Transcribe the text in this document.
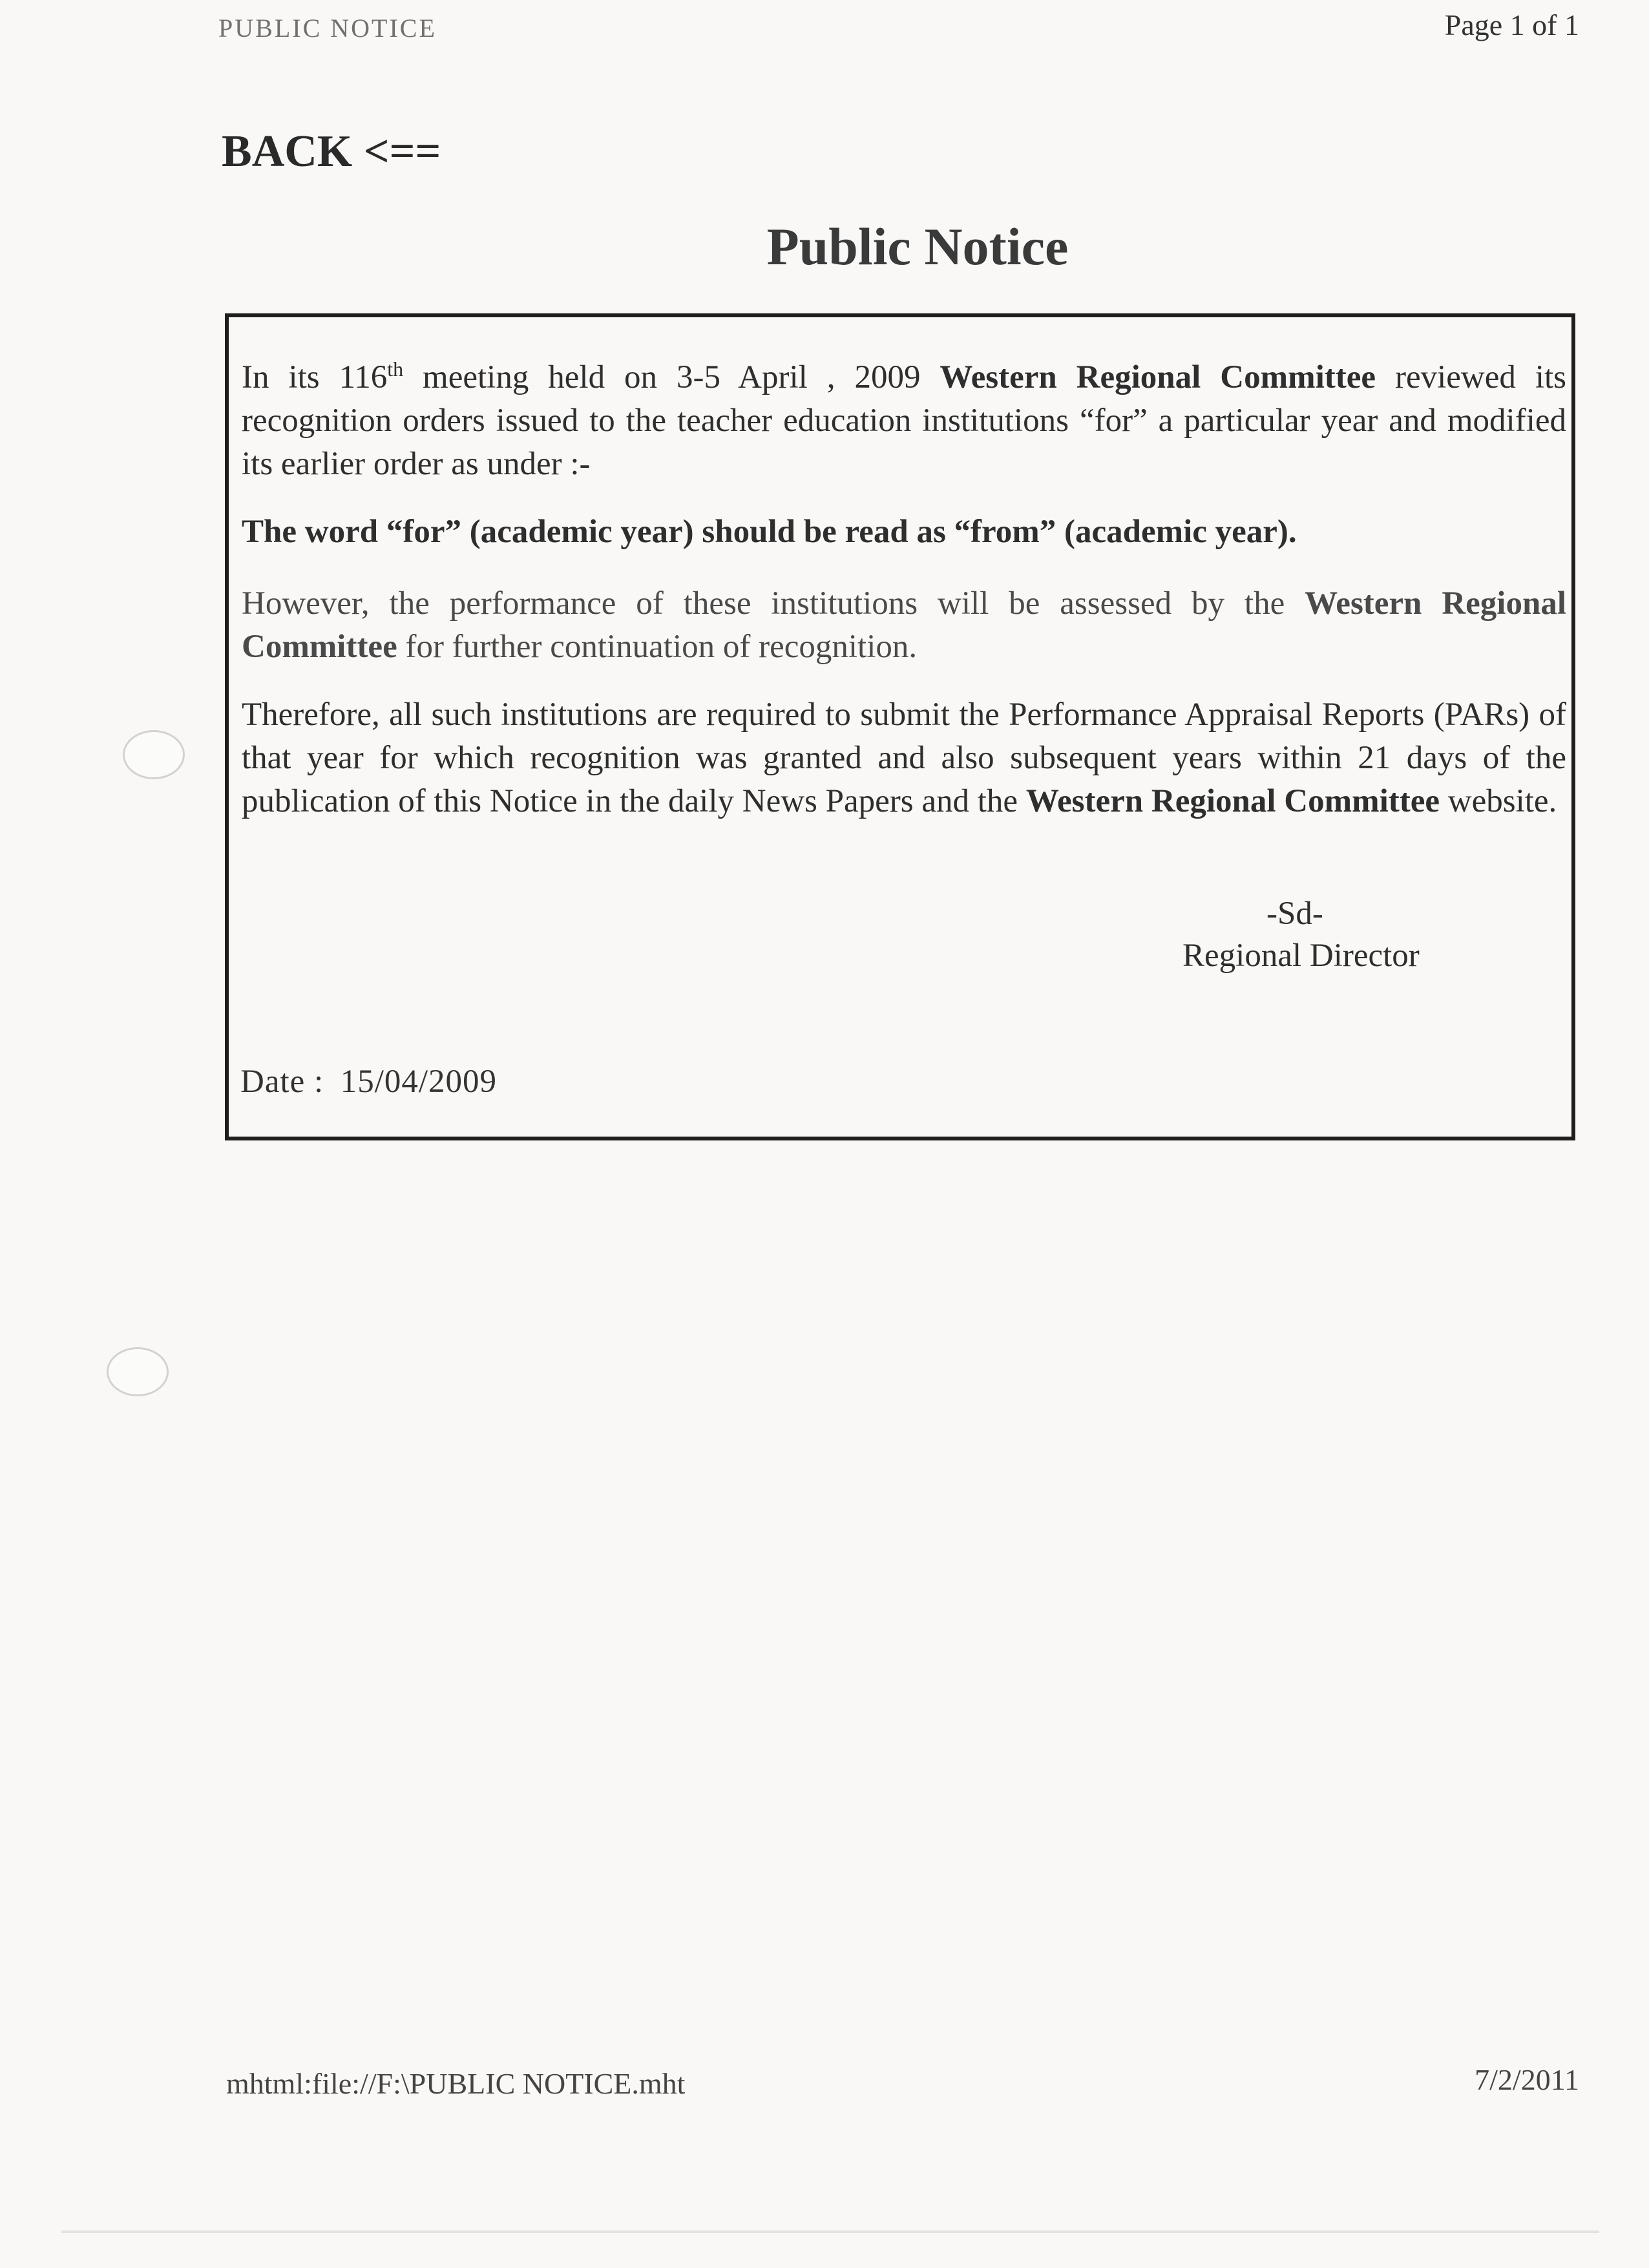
PUBLIC NOTICE	Page 1 of 1
BACK <==
Public Notice

In its 116th meeting held on 3-5 April , 2009 Western Regional Committee reviewed its recognition orders issued to the teacher education institutions “for” a particular year and modified its earlier order as under :-

The word “for” (academic year) should be read as “from” (academic year).

However, the performance of these institutions will be assessed by the Western Regional Committee for further continuation of recognition.

Therefore, all such institutions are required to submit the Performance Appraisal Reports (PARs) of that year for which recognition was granted and also subsequent years within 21 days of the publication of this Notice in the daily News Papers and the Western Regional Committee website.

-Sd-
Regional Director
Date : 15/04/2009
mhtml:file://F:\PUBLIC NOTICE.mht	7/2/2011
